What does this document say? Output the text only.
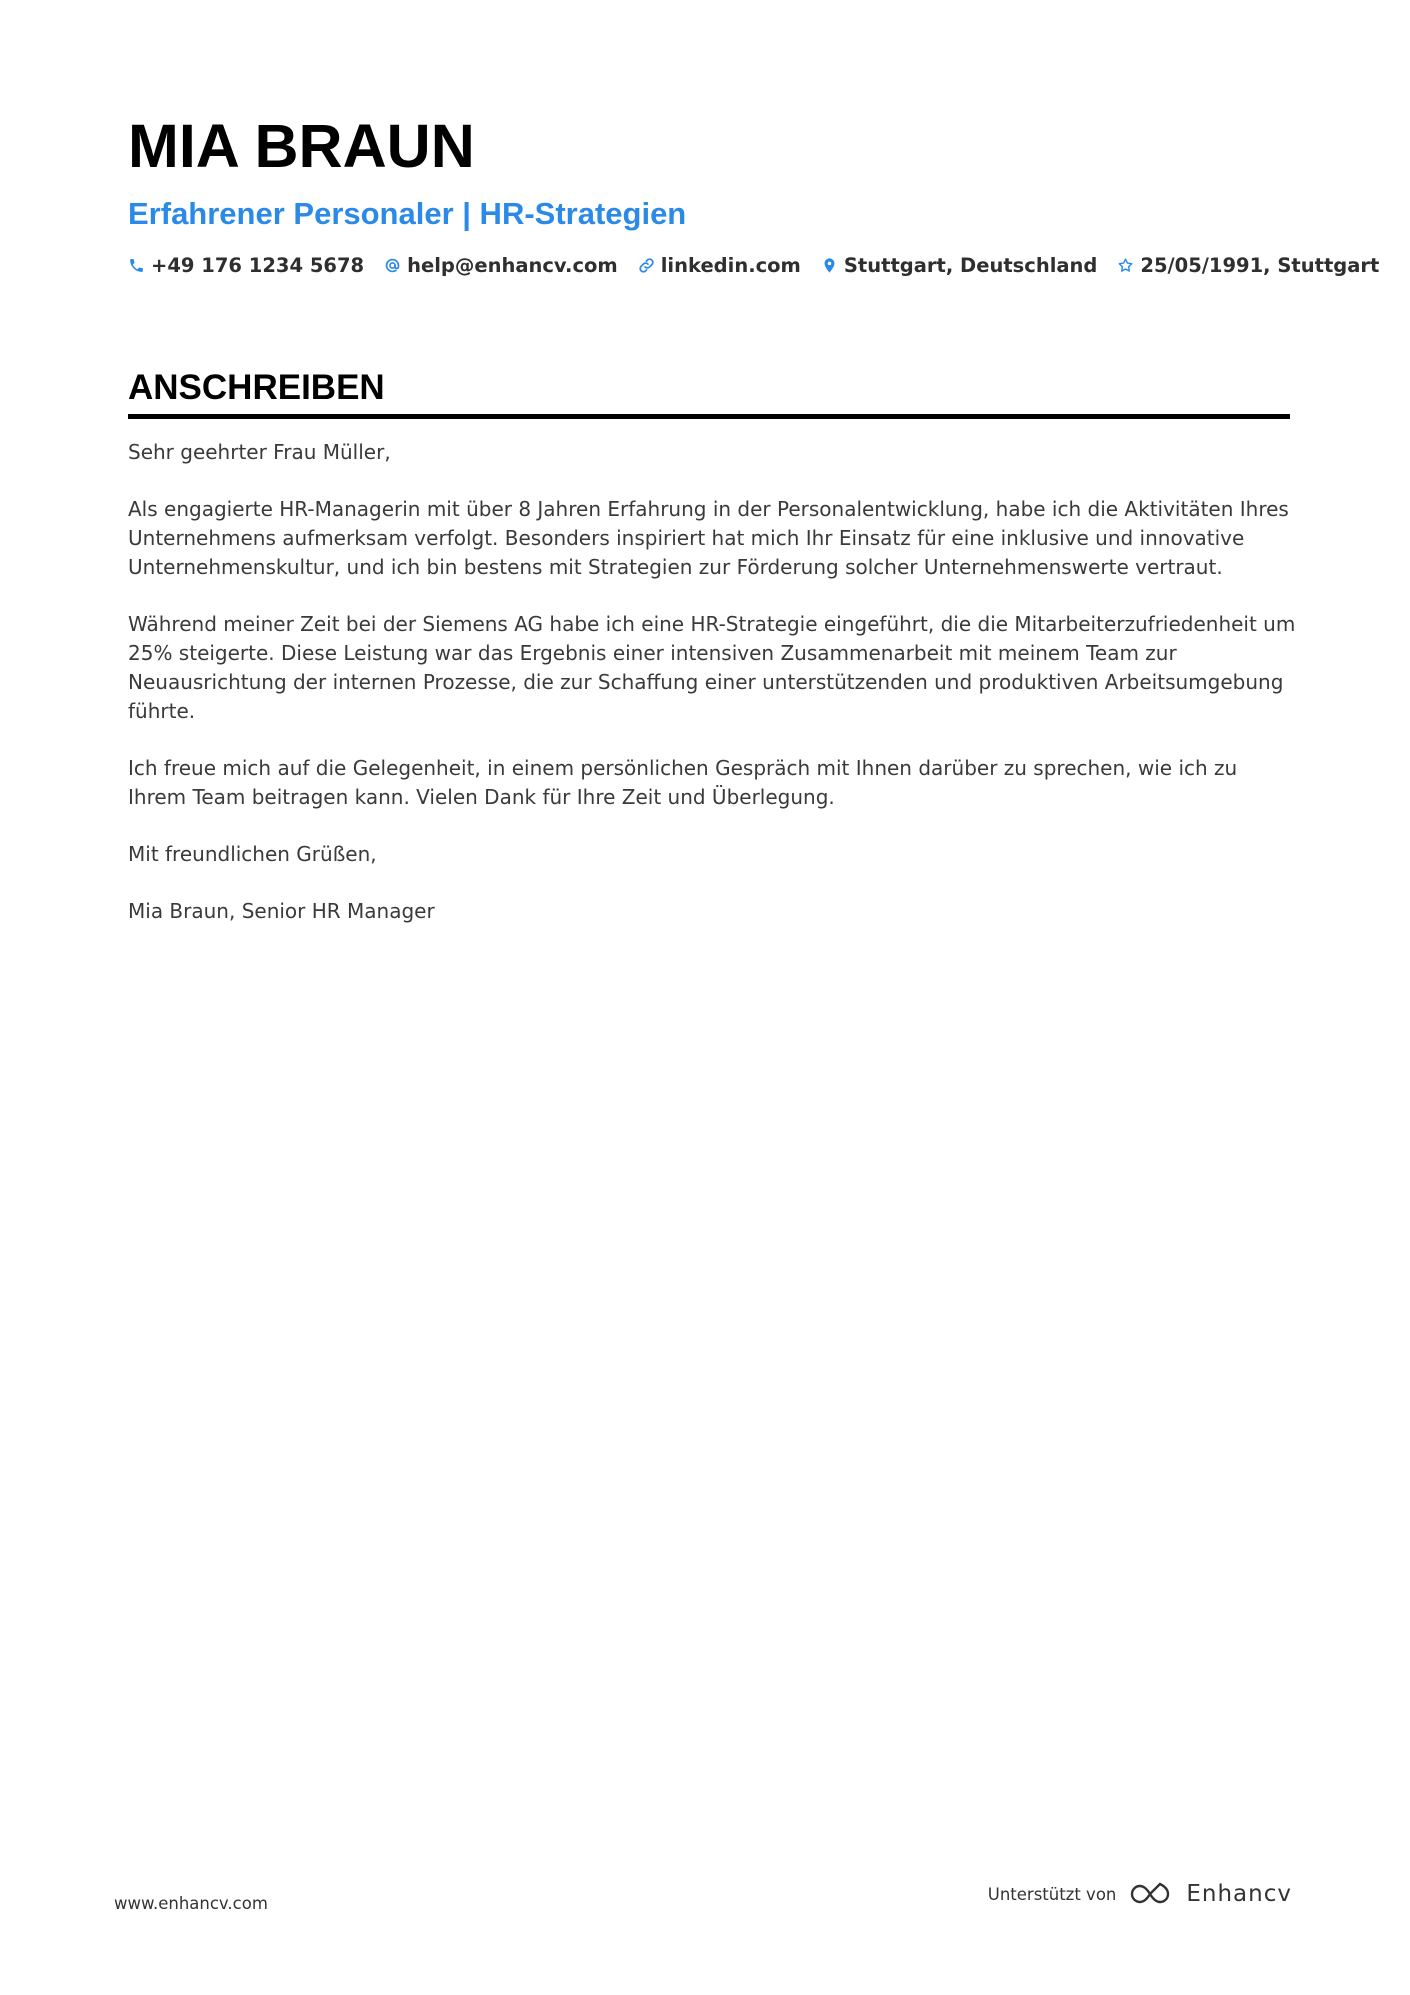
MIA BRAUN
Erfahrener Personaler | HR-Strategien
+49 176 1234 5678 help@enhancv.com linkedin.com Stuttgart, Deutschland 25/05/1991, Stuttgart
ANSCHREIBEN

Sehr geehrter Frau Müller,

Als engagierte HR-Managerin mit über 8 Jahren Erfahrung in der Personalentwicklung, habe ich die Aktivitäten Ihres Unternehmens aufmerksam verfolgt. Besonders inspiriert hat mich Ihr Einsatz für eine inklusive und innovative Unternehmenskultur, und ich bin bestens mit Strategien zur Förderung solcher Unternehmenswerte vertraut.

Während meiner Zeit bei der Siemens AG habe ich eine HR-Strategie eingeführt, die die Mitarbeiterzufriedenheit um 25% steigerte. Diese Leistung war das Ergebnis einer intensiven Zusammenarbeit mit meinem Team zur Neuausrichtung der internen Prozesse, die zur Schaffung einer unterstützenden und produktiven Arbeitsumgebung führte.

Ich freue mich auf die Gelegenheit, in einem persönlichen Gespräch mit Ihnen darüber zu sprechen, wie ich zu Ihrem Team beitragen kann. Vielen Dank für Ihre Zeit und Überlegung.

Mit freundlichen Grüßen,

Mia Braun, Senior HR Manager

www.enhancv.com	Unterstützt von	Enhancv
